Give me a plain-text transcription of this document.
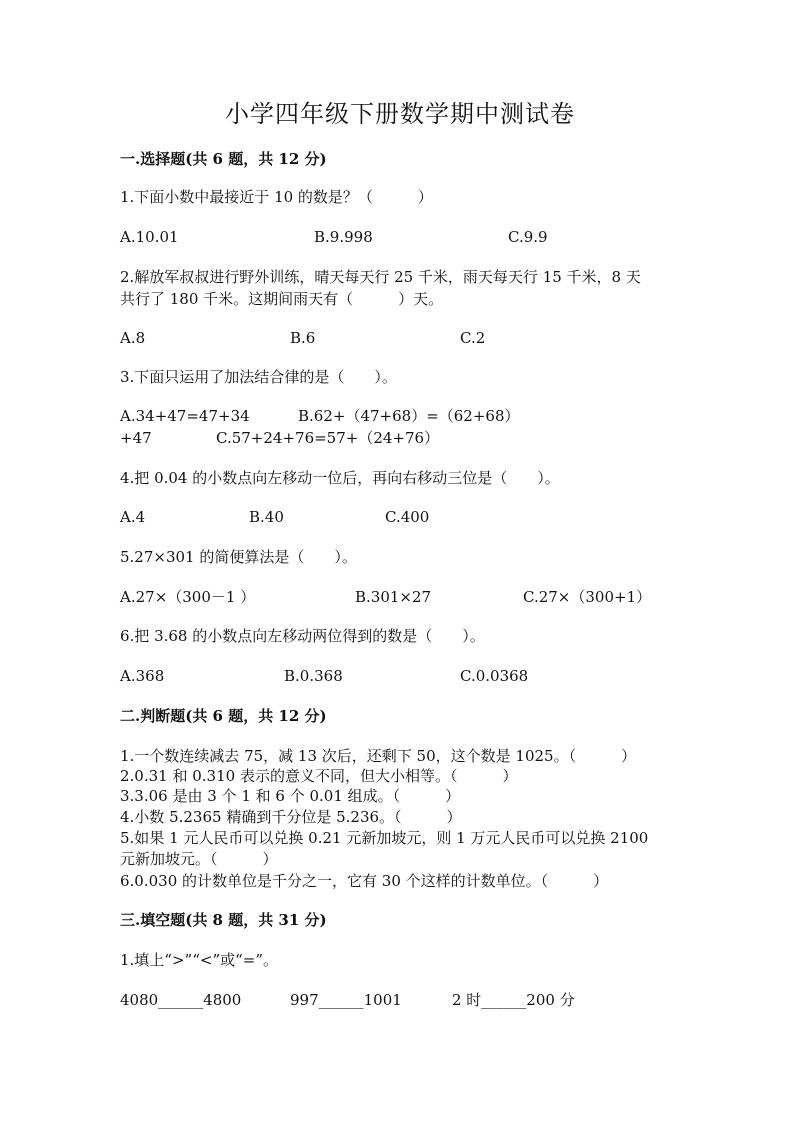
小学四年级下册数学期中测试卷
一.选择题(共 6 题，共 12 分)
1.下面小数中最接近于 10 的数是？（　　　）
A.10.01	B.9.998	C.9.9
2.解放军叔叔进行野外训练，晴天每天行 25 千米，雨天每天行 15 千米，8 天
共行了 180 千米。这期间雨天有（　　　）天。
A.8	B.6	C.2
3.下面只运用了加法结合律的是（　　）。
A.34+47=47+34	B.62+（47+68）=（62+68）
+47	C.57+24+76=57+（24+76）
4.把 0.04 的小数点向左移动一位后，再向右移动三位是（　　）。
A.4	B.40	C.400
5.27×301 的简便算法是（　　）。
A.27×（300－1 ）	B.301×27	C.27×（300+1）
6.把 3.68 的小数点向左移动两位得到的数是（　　）。
A.368	B.0.368	C.0.0368
二.判断题(共 6 题，共 12 分)
1.一个数连续减去 75，减 13 次后，还剩下 50，这个数是 1025。（　　　）
2.0.31 和 0.310 表示的意义不同，但大小相等。（　　　）
3.3.06 是由 3 个 1 和 6 个 0.01 组成。（　　　）
4.小数 5.2365 精确到千分位是 5.236。（　　　）
5.如果 1 元人民币可以兑换 0.21 元新加坡元，则 1 万元人民币可以兑换 2100
元新加坡元。（　　　）
6.0.030 的计数单位是千分之一，它有 30 个这样的计数单位。（　　　）
三.填空题(共 8 题，共 31 分)
1.填上“>”“<”或“=”。
4080______4800	997______1001	2 时______200 分
